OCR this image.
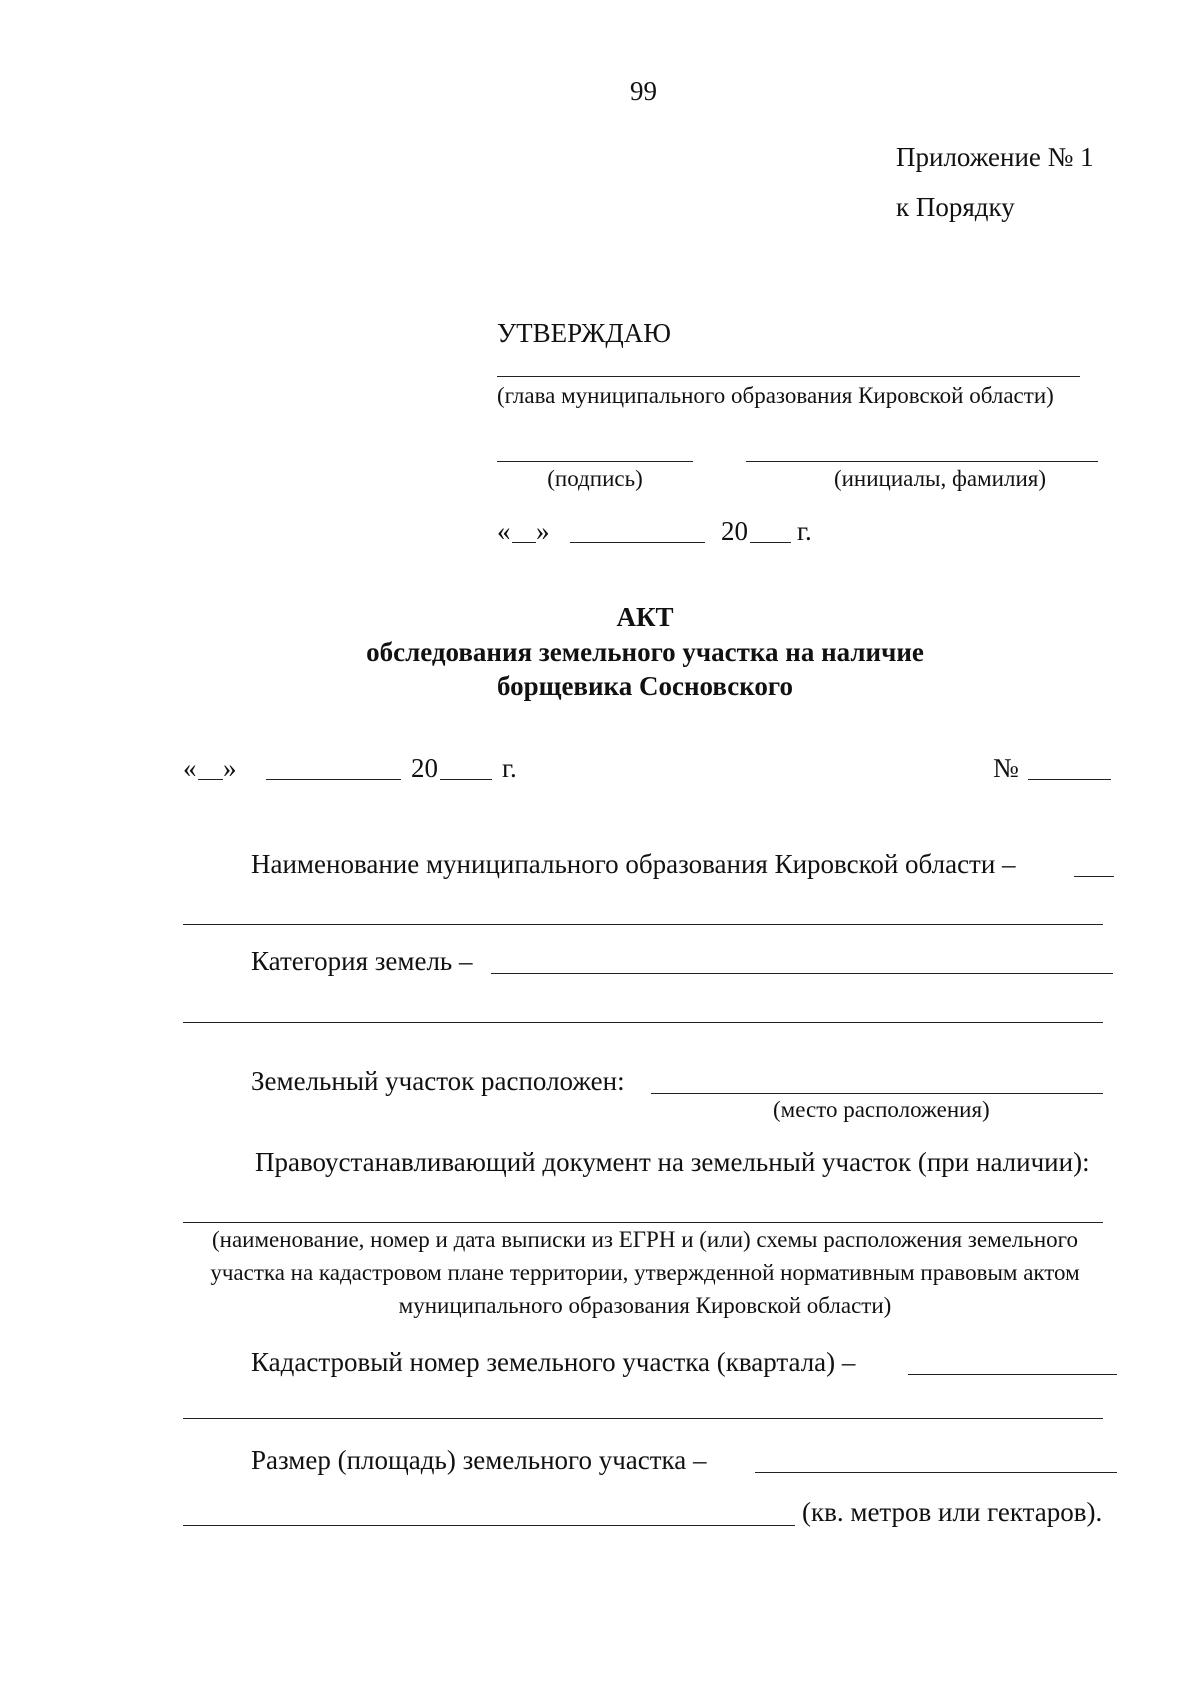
99
Приложение № 1
к Порядку
УТВЕРЖДАЮ
(глава муниципального образования Кировской области)
(подпись)	(инициалы, фамилия)
« »	20 г.
АКТ
обследования земельного участка на наличие
борщевика Сосновского
« »	20 г.	№
Наименование муниципального образования Кировской области –
Категория земель –
Земельный участок расположен:
(место расположения)
Правоустанавливающий документ на земельный участок (при наличии):
(наименование, номер и дата выписки из ЕГРН и (или) схемы расположения земельного
участка на кадастровом плане территории, утвержденной нормативным правовым актом
муниципального образования Кировской области)
Кадастровый номер земельного участка (квартала) –
Размер (площадь) земельного участка –
(кв. метров или гектаров).
